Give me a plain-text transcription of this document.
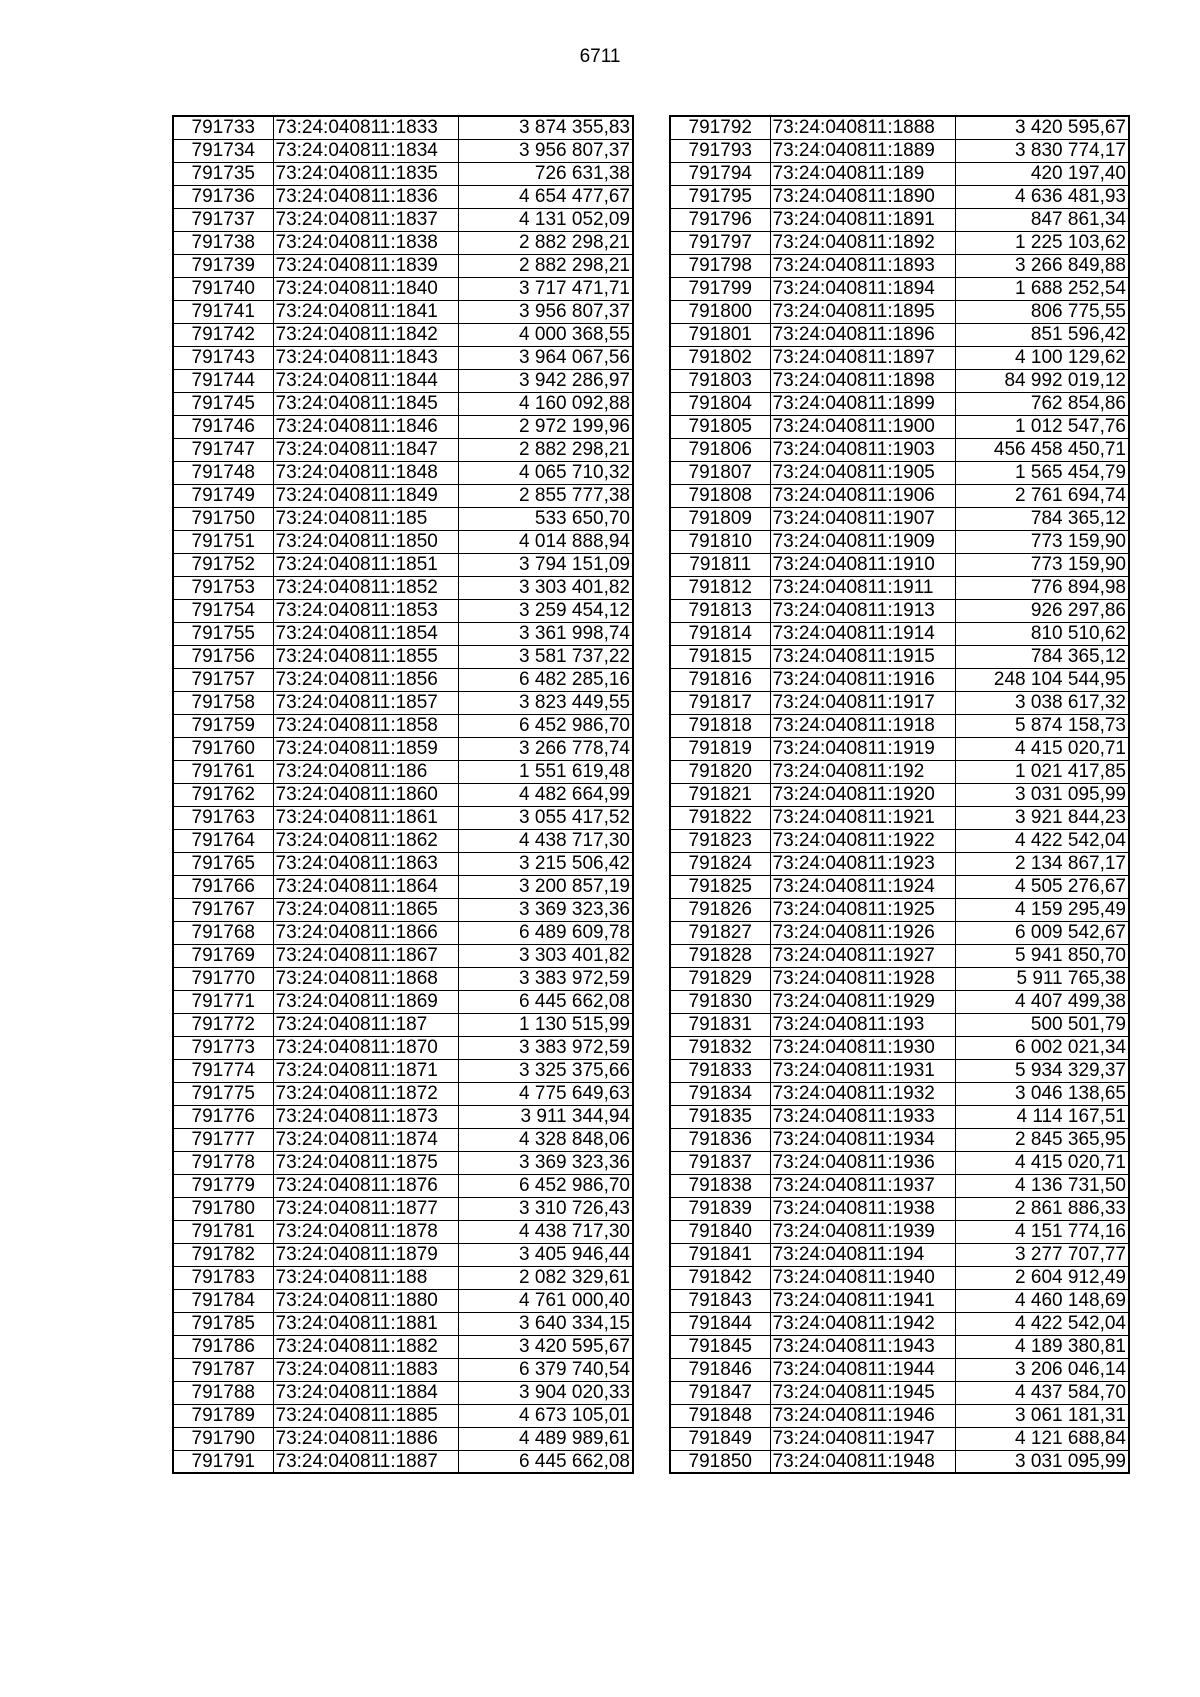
6711
791733	73:24:040811:1833	3 874 355,83
791734	73:24:040811:1834	3 956 807,37
791735	73:24:040811:1835	726 631,38
791736	73:24:040811:1836	4 654 477,67
791737	73:24:040811:1837	4 131 052,09
791738	73:24:040811:1838	2 882 298,21
791739	73:24:040811:1839	2 882 298,21
791740	73:24:040811:1840	3 717 471,71
791741	73:24:040811:1841	3 956 807,37
791742	73:24:040811:1842	4 000 368,55
791743	73:24:040811:1843	3 964 067,56
791744	73:24:040811:1844	3 942 286,97
791745	73:24:040811:1845	4 160 092,88
791746	73:24:040811:1846	2 972 199,96
791747	73:24:040811:1847	2 882 298,21
791748	73:24:040811:1848	4 065 710,32
791749	73:24:040811:1849	2 855 777,38
791750	73:24:040811:185	533 650,70
791751	73:24:040811:1850	4 014 888,94
791752	73:24:040811:1851	3 794 151,09
791753	73:24:040811:1852	3 303 401,82
791754	73:24:040811:1853	3 259 454,12
791755	73:24:040811:1854	3 361 998,74
791756	73:24:040811:1855	3 581 737,22
791757	73:24:040811:1856	6 482 285,16
791758	73:24:040811:1857	3 823 449,55
791759	73:24:040811:1858	6 452 986,70
791760	73:24:040811:1859	3 266 778,74
791761	73:24:040811:186	1 551 619,48
791762	73:24:040811:1860	4 482 664,99
791763	73:24:040811:1861	3 055 417,52
791764	73:24:040811:1862	4 438 717,30
791765	73:24:040811:1863	3 215 506,42
791766	73:24:040811:1864	3 200 857,19
791767	73:24:040811:1865	3 369 323,36
791768	73:24:040811:1866	6 489 609,78
791769	73:24:040811:1867	3 303 401,82
791770	73:24:040811:1868	3 383 972,59
791771	73:24:040811:1869	6 445 662,08
791772	73:24:040811:187	1 130 515,99
791773	73:24:040811:1870	3 383 972,59
791774	73:24:040811:1871	3 325 375,66
791775	73:24:040811:1872	4 775 649,63
791776	73:24:040811:1873	3 911 344,94
791777	73:24:040811:1874	4 328 848,06
791778	73:24:040811:1875	3 369 323,36
791779	73:24:040811:1876	6 452 986,70
791780	73:24:040811:1877	3 310 726,43
791781	73:24:040811:1878	4 438 717,30
791782	73:24:040811:1879	3 405 946,44
791783	73:24:040811:188	2 082 329,61
791784	73:24:040811:1880	4 761 000,40
791785	73:24:040811:1881	3 640 334,15
791786	73:24:040811:1882	3 420 595,67
791787	73:24:040811:1883	6 379 740,54
791788	73:24:040811:1884	3 904 020,33
791789	73:24:040811:1885	4 673 105,01
791790	73:24:040811:1886	4 489 989,61
791791	73:24:040811:1887	6 445 662,08
791792	73:24:040811:1888	3 420 595,67
791793	73:24:040811:1889	3 830 774,17
791794	73:24:040811:189	420 197,40
791795	73:24:040811:1890	4 636 481,93
791796	73:24:040811:1891	847 861,34
791797	73:24:040811:1892	1 225 103,62
791798	73:24:040811:1893	3 266 849,88
791799	73:24:040811:1894	1 688 252,54
791800	73:24:040811:1895	806 775,55
791801	73:24:040811:1896	851 596,42
791802	73:24:040811:1897	4 100 129,62
791803	73:24:040811:1898	84 992 019,12
791804	73:24:040811:1899	762 854,86
791805	73:24:040811:1900	1 012 547,76
791806	73:24:040811:1903	456 458 450,71
791807	73:24:040811:1905	1 565 454,79
791808	73:24:040811:1906	2 761 694,74
791809	73:24:040811:1907	784 365,12
791810	73:24:040811:1909	773 159,90
791811	73:24:040811:1910	773 159,90
791812	73:24:040811:1911	776 894,98
791813	73:24:040811:1913	926 297,86
791814	73:24:040811:1914	810 510,62
791815	73:24:040811:1915	784 365,12
791816	73:24:040811:1916	248 104 544,95
791817	73:24:040811:1917	3 038 617,32
791818	73:24:040811:1918	5 874 158,73
791819	73:24:040811:1919	4 415 020,71
791820	73:24:040811:192	1 021 417,85
791821	73:24:040811:1920	3 031 095,99
791822	73:24:040811:1921	3 921 844,23
791823	73:24:040811:1922	4 422 542,04
791824	73:24:040811:1923	2 134 867,17
791825	73:24:040811:1924	4 505 276,67
791826	73:24:040811:1925	4 159 295,49
791827	73:24:040811:1926	6 009 542,67
791828	73:24:040811:1927	5 941 850,70
791829	73:24:040811:1928	5 911 765,38
791830	73:24:040811:1929	4 407 499,38
791831	73:24:040811:193	500 501,79
791832	73:24:040811:1930	6 002 021,34
791833	73:24:040811:1931	5 934 329,37
791834	73:24:040811:1932	3 046 138,65
791835	73:24:040811:1933	4 114 167,51
791836	73:24:040811:1934	2 845 365,95
791837	73:24:040811:1936	4 415 020,71
791838	73:24:040811:1937	4 136 731,50
791839	73:24:040811:1938	2 861 886,33
791840	73:24:040811:1939	4 151 774,16
791841	73:24:040811:194	3 277 707,77
791842	73:24:040811:1940	2 604 912,49
791843	73:24:040811:1941	4 460 148,69
791844	73:24:040811:1942	4 422 542,04
791845	73:24:040811:1943	4 189 380,81
791846	73:24:040811:1944	3 206 046,14
791847	73:24:040811:1945	4 437 584,70
791848	73:24:040811:1946	3 061 181,31
791849	73:24:040811:1947	4 121 688,84
791850	73:24:040811:1948	3 031 095,99
